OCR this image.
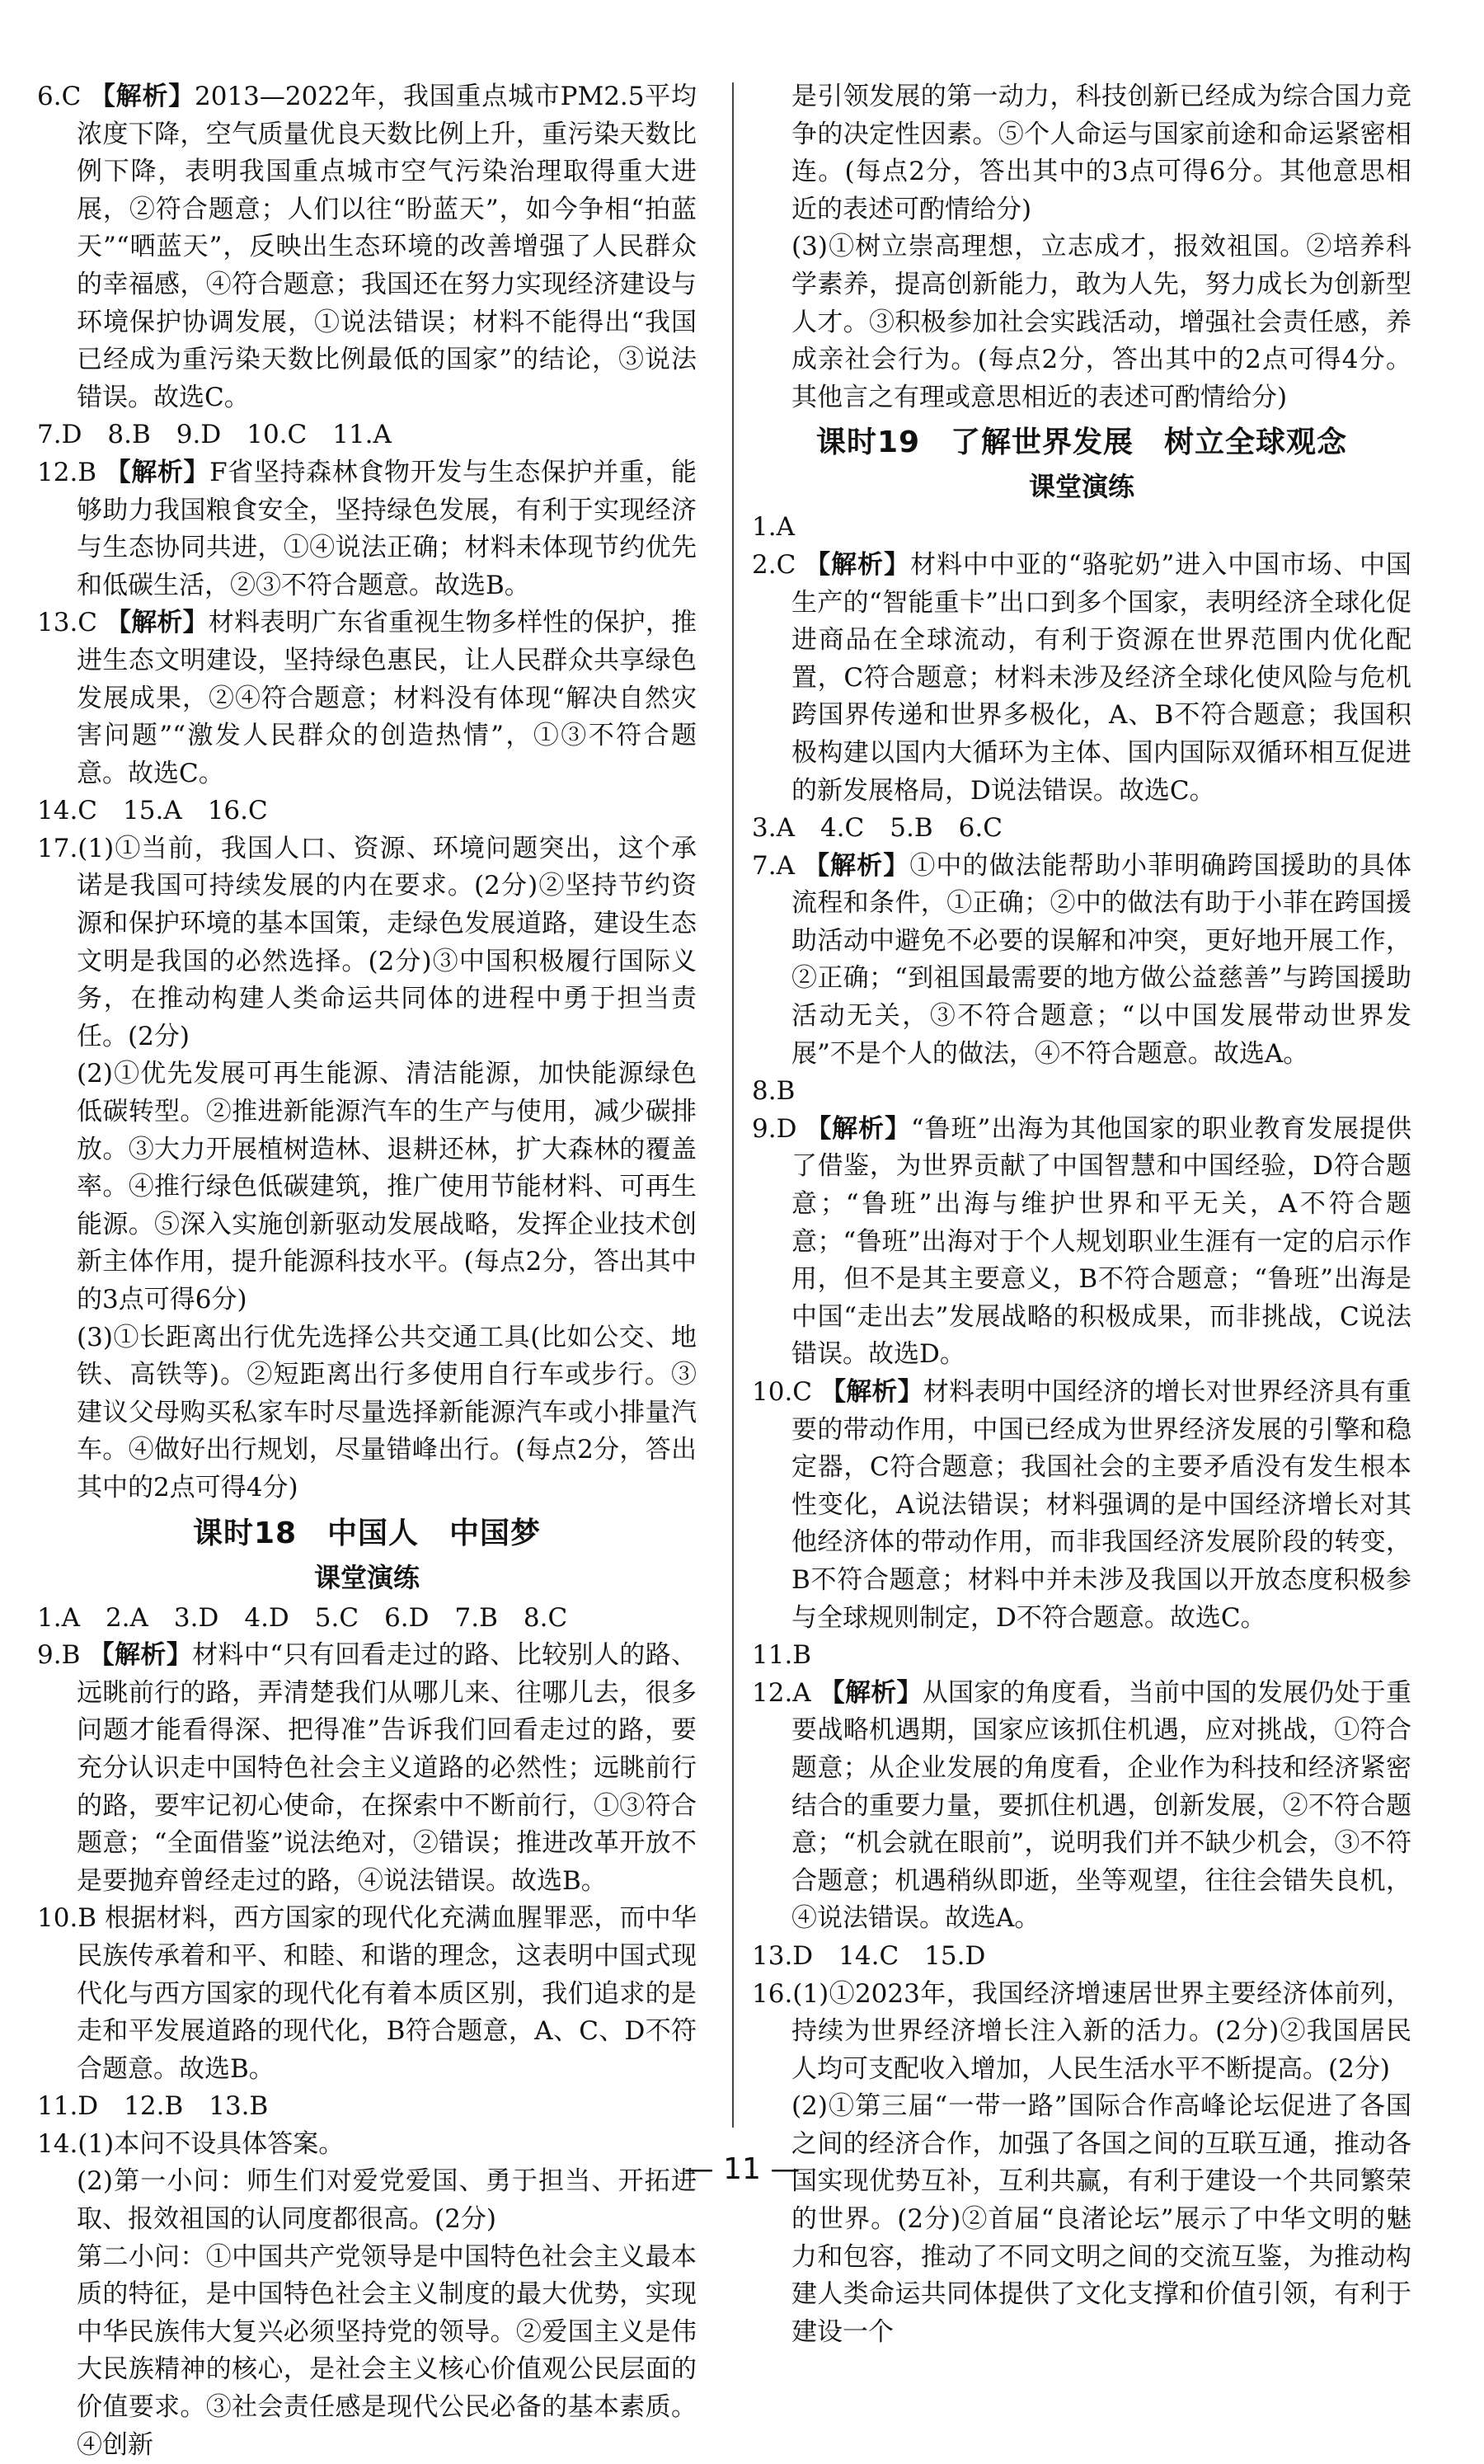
6.C 【解析】2013—2022年，我国重点城市PM2.5平均浓度下降，空气质量优良天数比例上升，重污染天数比例下降，表明我国重点城市空气污染治理取得重大进展，②符合题意；人们以往“盼蓝天”，如今争相“拍蓝天”“晒蓝天”，反映出生态环境的改善增强了人民群众的幸福感，④符合题意；我国还在努力实现经济建设与环境保护协调发展，①说法错误；材料不能得出“我国已经成为重污染天数比例最低的国家”的结论，③说法错误。故选C。

7.D　8.B　9.D　10.C　11.A

12.B 【解析】F省坚持森林食物开发与生态保护并重，能够助力我国粮食安全，坚持绿色发展，有利于实现经济与生态协同共进，①④说法正确；材料未体现节约优先和低碳生活，②③不符合题意。故选B。

13.C 【解析】材料表明广东省重视生物多样性的保护，推进生态文明建设，坚持绿色惠民，让人民群众共享绿色发展成果，②④符合题意；材料没有体现“解决自然灾害问题”“激发人民群众的创造热情”，①③不符合题意。故选C。

14.C　15.A　16.C

17.(1)①当前，我国人口、资源、环境问题突出，这个承诺是我国可持续发展的内在要求。(2分)②坚持节约资源和保护环境的基本国策，走绿色发展道路，建设生态文明是我国的必然选择。(2分)③中国积极履行国际义务，在推动构建人类命运共同体的进程中勇于担当责任。(2分)

(2)①优先发展可再生能源、清洁能源，加快能源绿色低碳转型。②推进新能源汽车的生产与使用，减少碳排放。③大力开展植树造林、退耕还林，扩大森林的覆盖率。④推行绿色低碳建筑，推广使用节能材料、可再生能源。⑤深入实施创新驱动发展战略，发挥企业技术创新主体作用，提升能源科技水平。(每点2分，答出其中的3点可得6分)

(3)①长距离出行优先选择公共交通工具(比如公交、地铁、高铁等)。②短距离出行多使用自行车或步行。③建议父母购买私家车时尽量选择新能源汽车或小排量汽车。④做好出行规划，尽量错峰出行。(每点2分，答出其中的2点可得4分)

课时18　中国人　中国梦
课堂演练

1.A　2.A　3.D　4.D　5.C　6.D　7.B　8.C

9.B 【解析】材料中“只有回看走过的路、比较别人的路、远眺前行的路，弄清楚我们从哪儿来、往哪儿去，很多问题才能看得深、把得准”告诉我们回看走过的路，要充分认识走中国特色社会主义道路的必然性；远眺前行的路，要牢记初心使命，在探索中不断前行，①③符合题意；“全面借鉴”说法绝对，②错误；推进改革开放不是要抛弃曾经走过的路，④说法错误。故选B。

10.B 根据材料，西方国家的现代化充满血腥罪恶，而中华民族传承着和平、和睦、和谐的理念，这表明中国式现代化与西方国家的现代化有着本质区别，我们追求的是走和平发展道路的现代化，B符合题意，A、C、D不符合题意。故选B。

11.D　12.B　13.B

14.(1)本问不设具体答案。

(2)第一小问：师生们对爱党爱国、勇于担当、开拓进取、报效祖国的认同度都很高。(2分)

第二小问：①中国共产党领导是中国特色社会主义最本质的特征，是中国特色社会主义制度的最大优势，实现中华民族伟大复兴必须坚持党的领导。②爱国主义是伟大民族精神的核心，是社会主义核心价值观公民层面的价值要求。③社会责任感是现代公民必备的基本素质。④创新

是引领发展的第一动力，科技创新已经成为综合国力竞争的决定性因素。⑤个人命运与国家前途和命运紧密相连。(每点2分，答出其中的3点可得6分。其他意思相近的表述可酌情给分)

(3)①树立崇高理想，立志成才，报效祖国。②培养科学素养，提高创新能力，敢为人先，努力成长为创新型人才。③积极参加社会实践活动，增强社会责任感，养成亲社会行为。(每点2分，答出其中的2点可得4分。其他言之有理或意思相近的表述可酌情给分)

课时19　了解世界发展　树立全球观念
课堂演练

1.A

2.C 【解析】材料中中亚的“骆驼奶”进入中国市场、中国生产的“智能重卡”出口到多个国家，表明经济全球化促进商品在全球流动，有利于资源在世界范围内优化配置，C符合题意；材料未涉及经济全球化使风险与危机跨国界传递和世界多极化，A、B不符合题意；我国积极构建以国内大循环为主体、国内国际双循环相互促进的新发展格局，D说法错误。故选C。

3.A　4.C　5.B　6.C

7.A 【解析】①中的做法能帮助小菲明确跨国援助的具体流程和条件，①正确；②中的做法有助于小菲在跨国援助活动中避免不必要的误解和冲突，更好地开展工作，②正确；“到祖国最需要的地方做公益慈善”与跨国援助活动无关，③不符合题意；“以中国发展带动世界发展”不是个人的做法，④不符合题意。故选A。

8.B

9.D 【解析】“鲁班”出海为其他国家的职业教育发展提供了借鉴，为世界贡献了中国智慧和中国经验，D符合题意；“鲁班”出海与维护世界和平无关，A不符合题意；“鲁班”出海对于个人规划职业生涯有一定的启示作用，但不是其主要意义，B不符合题意；“鲁班”出海是中国“走出去”发展战略的积极成果，而非挑战，C说法错误。故选D。

10.C 【解析】材料表明中国经济的增长对世界经济具有重要的带动作用，中国已经成为世界经济发展的引擎和稳定器，C符合题意；我国社会的主要矛盾没有发生根本性变化，A说法错误；材料强调的是中国经济增长对其他经济体的带动作用，而非我国经济发展阶段的转变，B不符合题意；材料中并未涉及我国以开放态度积极参与全球规则制定，D不符合题意。故选C。

11.B

12.A 【解析】从国家的角度看，当前中国的发展仍处于重要战略机遇期，国家应该抓住机遇，应对挑战，①符合题意；从企业发展的角度看，企业作为科技和经济紧密结合的重要力量，要抓住机遇，创新发展，②不符合题意；“机会就在眼前”，说明我们并不缺少机会，③不符合题意；机遇稍纵即逝，坐等观望，往往会错失良机，④说法错误。故选A。

13.D　14.C　15.D

16.(1)①2023年，我国经济增速居世界主要经济体前列，持续为世界经济增长注入新的活力。(2分)②我国居民人均可支配收入增加，人民生活水平不断提高。(2分)

(2)①第三届“一带一路”国际合作高峰论坛促进了各国之间的经济合作，加强了各国之间的互联互通，推动各国实现优势互补，互利共赢，有利于建设一个共同繁荣的世界。(2分)②首届“良渚论坛”展示了中华文明的魅力和包容，推动了不同文明之间的交流互鉴，为推动构建人类命运共同体提供了文化支撑和价值引领，有利于建设一个

— 11 —
